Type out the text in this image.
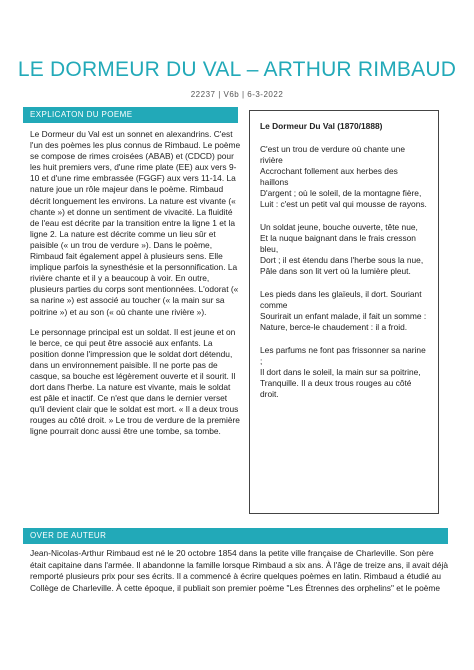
LE DORMEUR DU VAL – ARTHUR RIMBAUD
22237 | V6b | 6-3-2022
EXPLICATON DU POEME

Le Dormeur du Val est un sonnet en alexandrins. C'est l'un des poèmes les plus connus de Rimbaud. Le poème se compose de rimes croisées (ABAB) et (CDCD) pour les huit premiers vers, d'une rime plate (EE) aux vers 9-10 et d'une rime embrassée (FGGF) aux vers 11-14. La nature joue un rôle majeur dans le poème. Rimbaud décrit longuement les environs. La nature est vivante (« chante ») et donne un sentiment de vivacité. La fluidité de l'eau est décrite par la transition entre la ligne 1 et la ligne 2. La nature est décrite comme un lieu sûr et paisible (« un trou de verdure »). Dans le poème, Rimbaud fait également appel à plusieurs sens. Elle implique parfois la synesthésie et la personnification. La rivière chante et il y a beaucoup à voir. En outre, plusieurs parties du corps sont mentionnées. L'odorat (« sa narine ») est associé au toucher (« la main sur sa poitrine ») et au son (« où chante une rivière »).

Le personnage principal est un soldat. Il est jeune et on le berce, ce qui peut être associé aux enfants. La position donne l'impression que le soldat dort détendu, dans un environnement paisible. Il ne porte pas de casque, sa bouche est légèrement ouverte et il sourit. Il dort dans l'herbe. La nature est vivante, mais le soldat est pâle et inactif. Ce n'est que dans le dernier verset qu'il devient clair que le soldat est mort. « Il a deux trous rouges au côté droit. » Le trou de verdure de la première ligne pourrait donc aussi être une tombe, sa tombe.

Le Dormeur Du Val (1870/1888)
C'est un trou de verdure où chante une rivière
Accrochant follement aux herbes des haillons
D'argent ; où le soleil, de la montagne fière,
Luit : c'est un petit val qui mousse de rayons.
Un soldat jeune, bouche ouverte, tête nue,
Et la nuque baignant dans le frais cresson bleu,
Dort ; il est étendu dans l'herbe sous la nue,
Pâle dans son lit vert où la lumière pleut.
Les pieds dans les glaïeuls, il dort. Souriant comme
Sourirait un enfant malade, il fait un somme :
Nature, berce-le chaudement : il a froid.
Les parfums ne font pas frissonner sa narine ;
Il dort dans le soleil, la main sur sa poitrine,
Tranquille. Il a deux trous rouges au côté droit.
OVER DE AUTEUR

Jean-Nicolas-Arthur Rimbaud est né le 20 octobre 1854 dans la petite ville française de Charleville. Son père était capitaine dans l'armée. Il abandonne la famille lorsque Rimbaud a six ans. À l'âge de treize ans, il avait déjà remporté plusieurs prix pour ses écrits. Il a commencé à écrire quelques poèmes en latin. Rimbaud a étudié au Collège de Charleville. À cette époque, il publiait son premier poème "Les Étrennes des orphelins" et le poème
